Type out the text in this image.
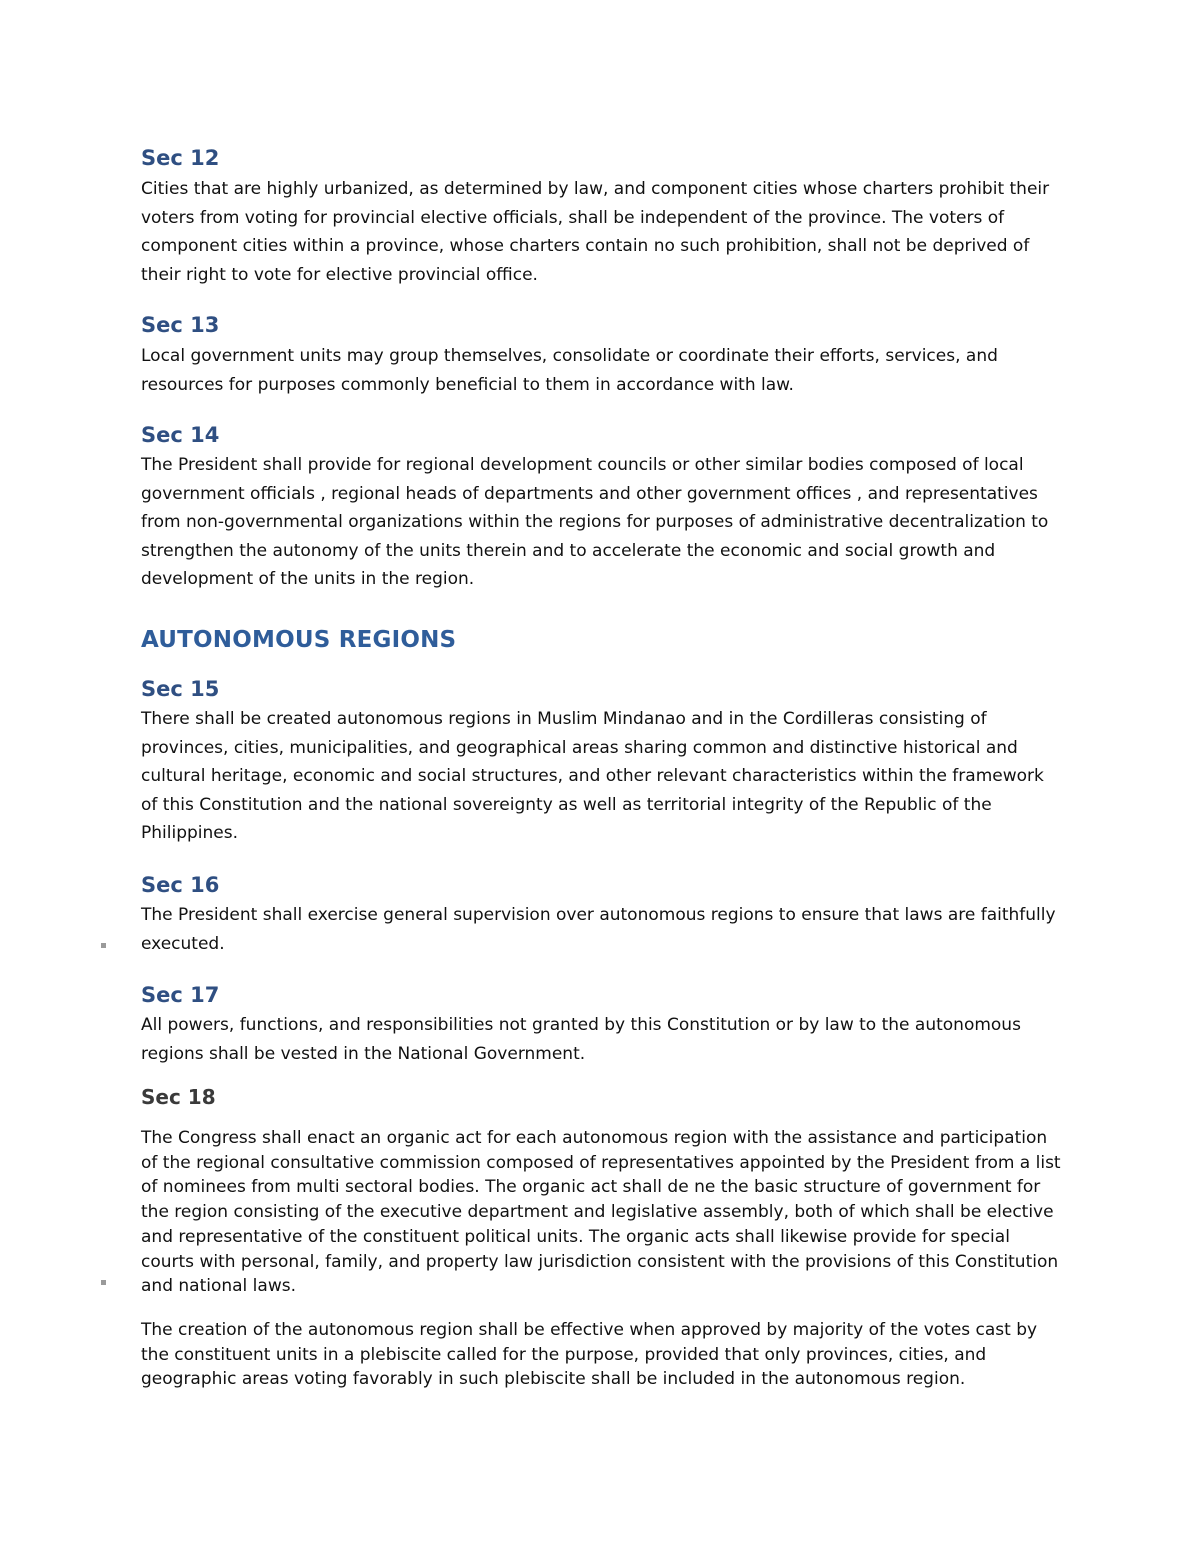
Sec 12

Cities that are highly urbanized, as determined by law, and component cities whose charters prohibit their voters from voting for provincial elective officials, shall be independent of the province. The voters of component cities within a province, whose charters contain no such prohibition, shall not be deprived of their right to vote for elective provincial office.

Sec 13

Local government units may group themselves, consolidate or coordinate their efforts, services, and resources for purposes commonly beneficial to them in accordance with law.

Sec 14

The President shall provide for regional development councils or other similar bodies composed of local government officials , regional heads of departments and other government offices , and representatives from non-governmental organizations within the regions for purposes of administrative decentralization to strengthen the autonomy of the units therein and to accelerate the economic and social growth and development of the units in the region.

AUTONOMOUS REGIONS
Sec 15

There shall be created autonomous regions in Muslim Mindanao and in the Cordilleras consisting of provinces, cities, municipalities, and geographical areas sharing common and distinctive historical and cultural heritage, economic and social structures, and other relevant characteristics within the framework of this Constitution and the national sovereignty as well as territorial integrity of the Republic of the Philippines.

Sec 16

The President shall exercise general supervision over autonomous regions to ensure that laws are faithfully executed.

Sec 17

All powers, functions, and responsibilities not granted by this Constitution or by law to the autonomous regions shall be vested in the National Government.

Sec 18

The Congress shall enact an organic act for each autonomous region with the assistance and participation of the regional consultative commission composed of representatives appointed by the President from a list of nominees from multi sectoral bodies. The organic act shall de ne the basic structure of government for the region consisting of the executive department and legislative assembly, both of which shall be elective and representative of the constituent political units. The organic acts shall likewise provide for special courts with personal, family, and property law jurisdiction consistent with the provisions of this Constitution and national laws.

The creation of the autonomous region shall be effective when approved by majority of the votes cast by the constituent units in a plebiscite called for the purpose, provided that only provinces, cities, and geographic areas voting favorably in such plebiscite shall be included in the autonomous region.
